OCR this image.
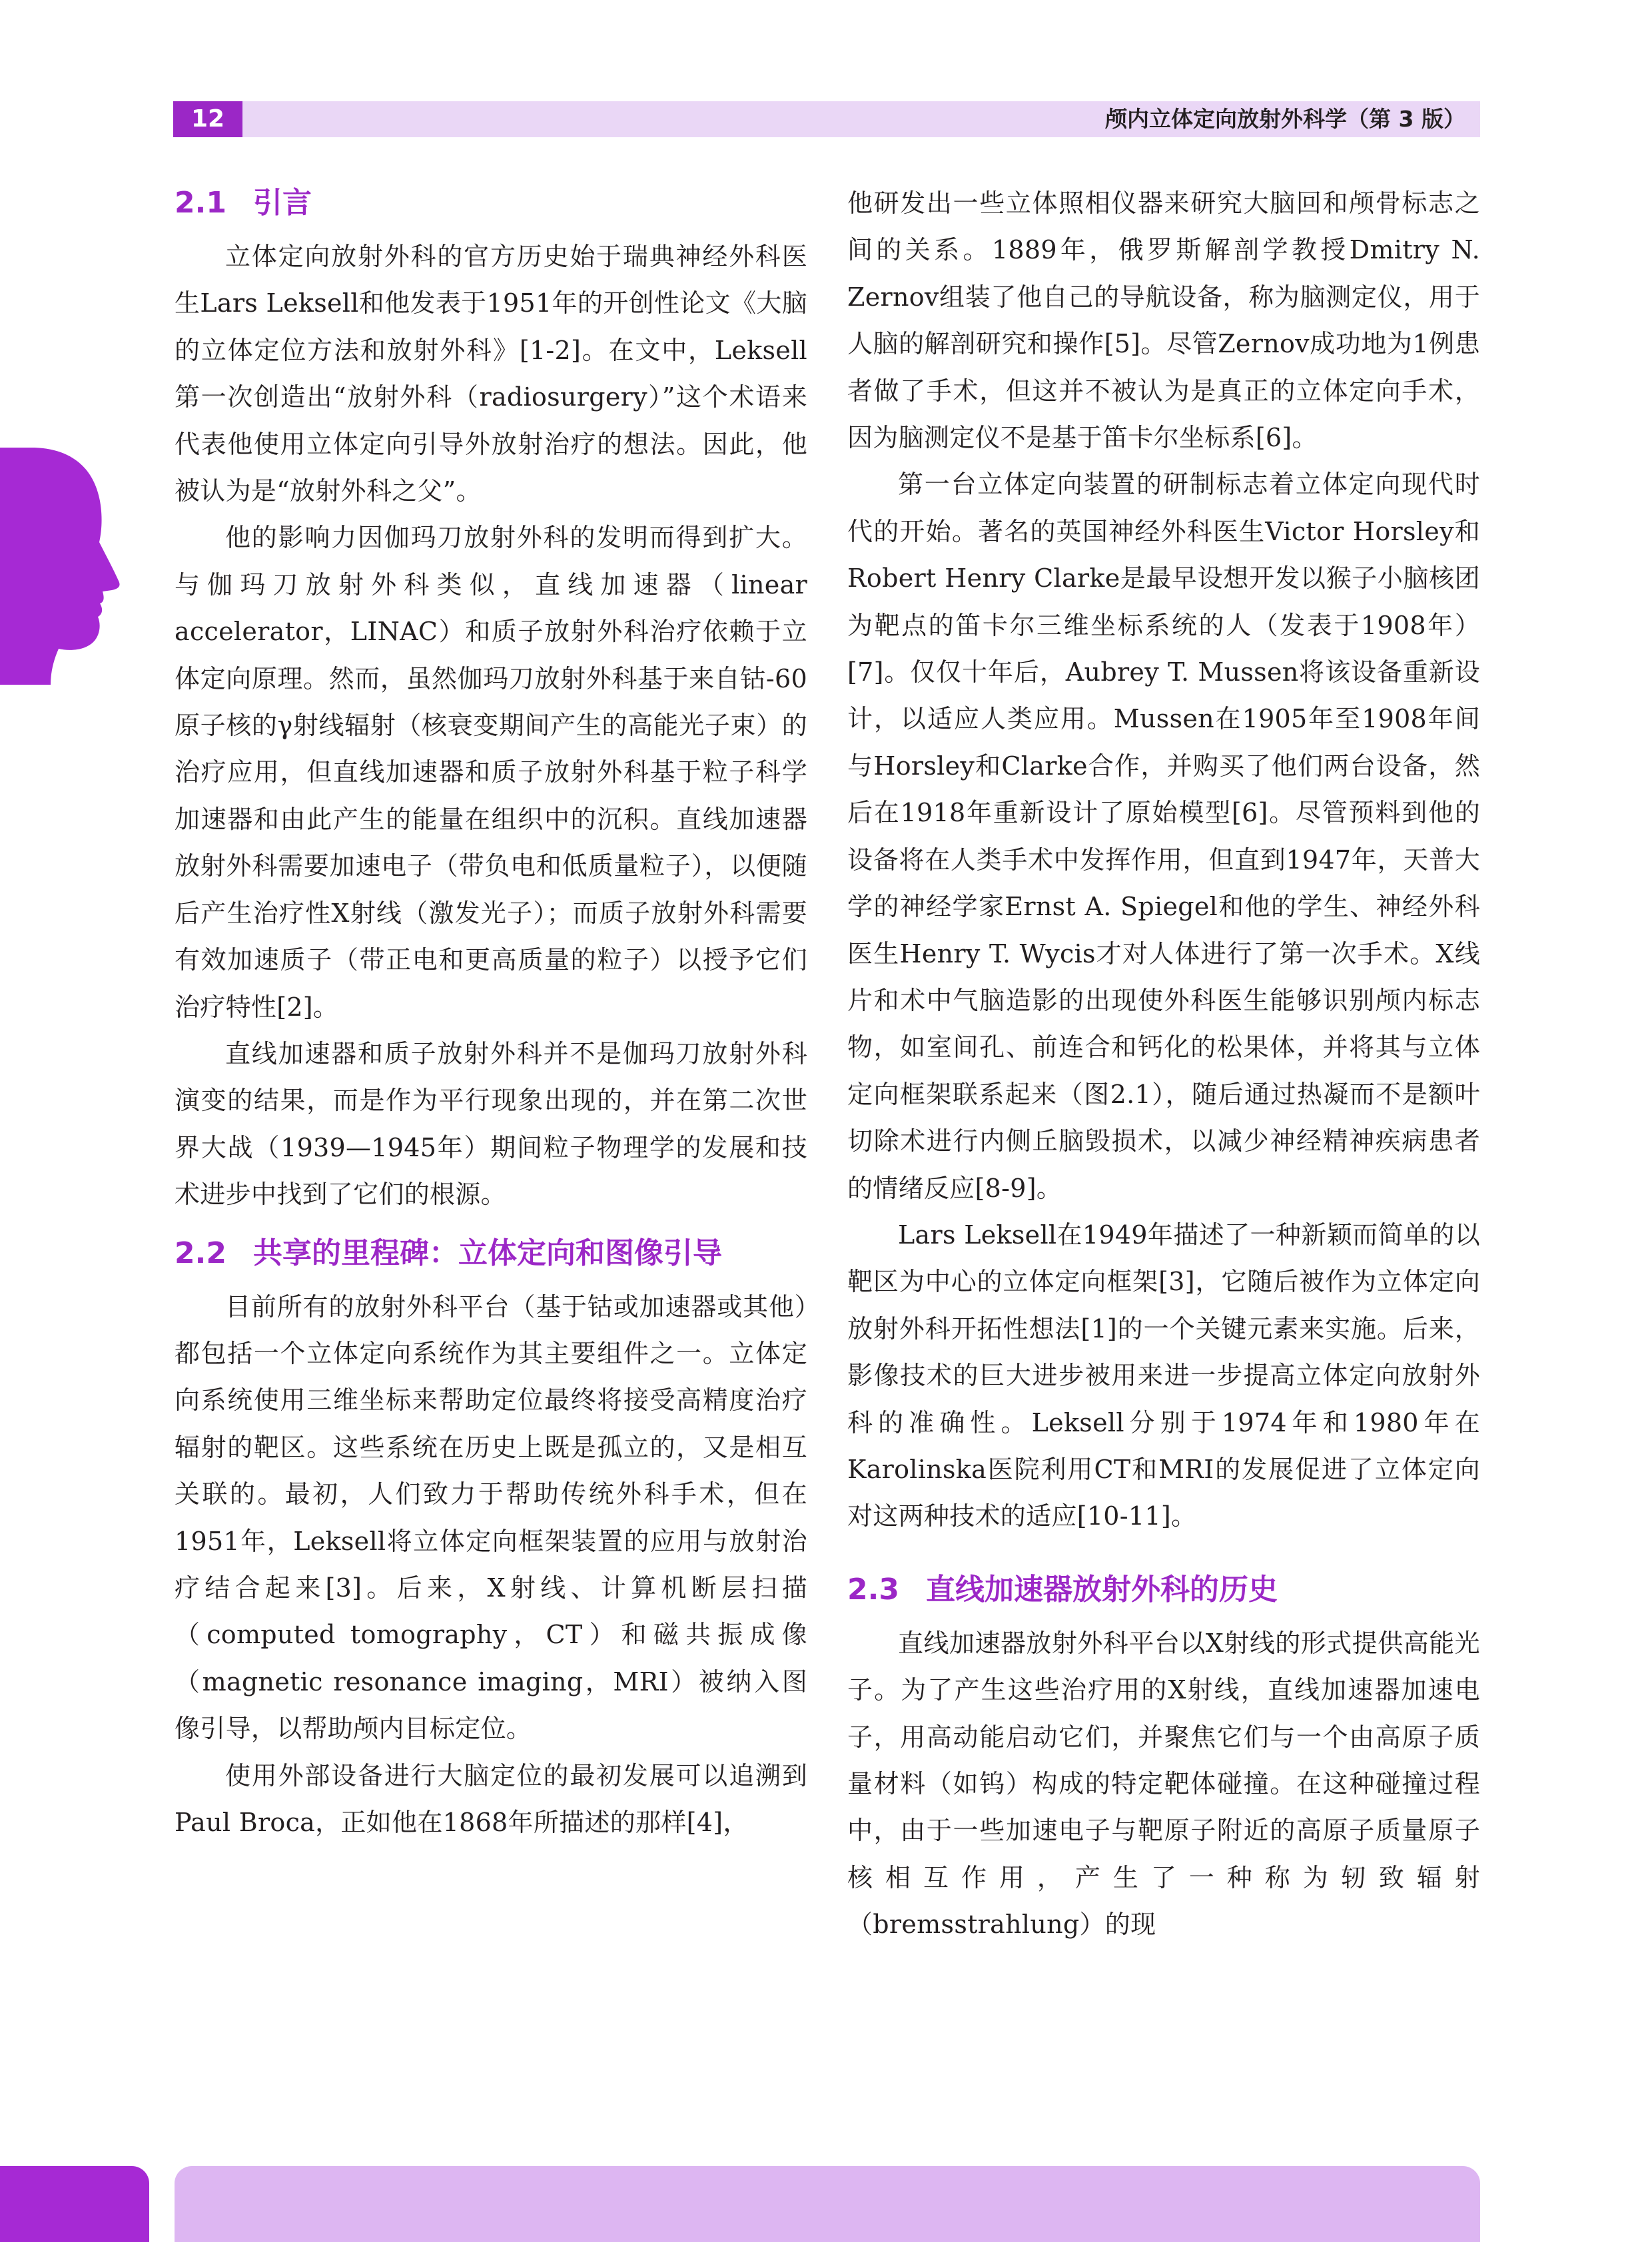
12	颅内立体定向放射外科学（第 3 版）
2.1 引言

立体定向放射外科的官方历史始于瑞典神经外科医生Lars Leksell和他发表于1951年的开创性论文《大脑的立体定位方法和放射外科》[1-2]。在文中，Leksell第一次创造出“放射外科（radiosurgery）”这个术语来代表他使用立体定向引导外放射治疗的想法。因此，他被认为是“放射外科之父”。

他的影响力因伽玛刀放射外科的发明而得到扩大。与伽玛刀放射外科类似，直线加速器（linear accelerator，LINAC）和质子放射外科治疗依赖于立体定向原理。然而，虽然伽玛刀放射外科基于来自钴-60原子核的γ射线辐射（核衰变期间产生的高能光子束）的治疗应用，但直线加速器和质子放射外科基于粒子科学加速器和由此产生的能量在组织中的沉积。直线加速器放射外科需要加速电子（带负电和低质量粒子），以便随后产生治疗性X射线（激发光子）；而质子放射外科需要有效加速质子（带正电和更高质量的粒子）以授予它们治疗特性[2]。

直线加速器和质子放射外科并不是伽玛刀放射外科演变的结果，而是作为平行现象出现的，并在第二次世界大战（1939—1945年）期间粒子物理学的发展和技术进步中找到了它们的根源。

2.2 共享的里程碑：立体定向和图像引导

目前所有的放射外科平台（基于钴或加速器或其他）都包括一个立体定向系统作为其主要组件之一。立体定向系统使用三维坐标来帮助定位最终将接受高精度治疗辐射的靶区。这些系统在历史上既是孤立的，又是相互关联的。最初，人们致力于帮助传统外科手术，但在1951年，Leksell将立体定向框架装置的应用与放射治疗结合起来[3]。后来，X射线、计算机断层扫描（computed tomography，CT）和磁共振成像（magnetic resonance imaging，MRI）被纳入图像引导，以帮助颅内目标定位。

使用外部设备进行大脑定位的最初发展可以追溯到Paul Broca，正如他在1868年所描述的那样[4]，

他研发出一些立体照相仪器来研究大脑回和颅骨标志之间的关系。1889年，俄罗斯解剖学教授Dmitry N. Zernov组装了他自己的导航设备，称为脑测定仪，用于人脑的解剖研究和操作[5]。尽管Zernov成功地为1例患者做了手术，但这并不被认为是真正的立体定向手术，因为脑测定仪不是基于笛卡尔坐标系[6]。

第一台立体定向装置的研制标志着立体定向现代时代的开始。著名的英国神经外科医生Victor Horsley和Robert Henry Clarke是最早设想开发以猴子小脑核团为靶点的笛卡尔三维坐标系统的人（发表于1908年）[7]。仅仅十年后，Aubrey T. Mussen将该设备重新设计，以适应人类应用。Mussen在1905年至1908年间与Horsley和Clarke合作，并购买了他们两台设备，然后在1918年重新设计了原始模型[6]。尽管预料到他的设备将在人类手术中发挥作用，但直到1947年，天普大学的神经学家Ernst A. Spiegel和他的学生、神经外科医生Henry T. Wycis才对人体进行了第一次手术。X线片和术中气脑造影的出现使外科医生能够识别颅内标志物，如室间孔、前连合和钙化的松果体，并将其与立体定向框架联系起来（图2.1），随后通过热凝而不是额叶切除术进行内侧丘脑毁损术，以减少神经精神疾病患者的情绪反应[8-9]。

Lars Leksell在1949年描述了一种新颖而简单的以靶区为中心的立体定向框架[3]，它随后被作为立体定向放射外科开拓性想法[1]的一个关键元素来实施。后来，影像技术的巨大进步被用来进一步提高立体定向放射外科的准确性。Leksell分别于1974年和1980年在Karolinska医院利用CT和MRI的发展促进了立体定向对这两种技术的适应[10-11]。

2.3 直线加速器放射外科的历史

直线加速器放射外科平台以X射线的形式提供高能光子。为了产生这些治疗用的X射线，直线加速器加速电子，用高动能启动它们，并聚焦它们与一个由高原子质量材料（如钨）构成的特定靶体碰撞。在这种碰撞过程中，由于一些加速电子与靶原子附近的高原子质量原子核相互作用，产生了一种称为轫致辐射（bremsstrahlung）的现
